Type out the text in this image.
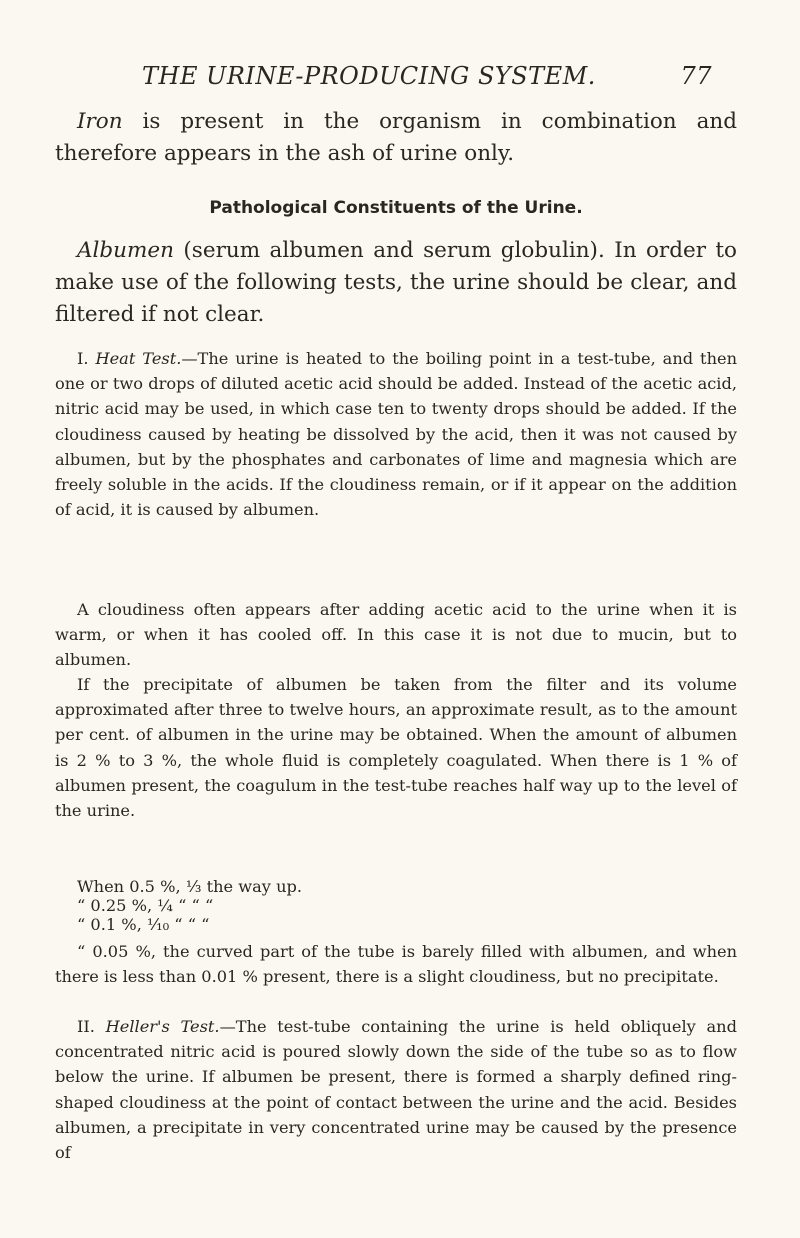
THE URINE-PRODUCING SYSTEM.	77

Iron is present in the organism in combination and therefore appears in the ash of urine only.

Pathological Constituents of the Urine.

Albumen (serum albumen and serum globulin). In order to make use of the following tests, the urine should be clear, and filtered if not clear.

I. Heat Test.—The urine is heated to the boiling point in a test-tube, and then one or two drops of diluted acetic acid should be added. Instead of the acetic acid, nitric acid may be used, in which case ten to twenty drops should be added. If the cloudiness caused by heating be dissolved by the acid, then it was not caused by albumen, but by the phosphates and carbonates of lime and magnesia which are freely soluble in the acids. If the cloudiness remain, or if it appear on the addition of acid, it is caused by albumen.

A cloudiness often appears after adding acetic acid to the urine when it is warm, or when it has cooled off. In this case it is not due to mucin, but to albumen.

If the precipitate of albumen be taken from the filter and its volume approximated after three to twelve hours, an approximate result, as to the amount per cent. of albumen in the urine may be obtained. When the amount of albumen is 2 % to 3 %, the whole fluid is completely coagulated. When there is 1 % of albumen present, the coagulum in the test-tube reaches half way up to the level of the urine.

When 0.5 %, ⅓ the way up.
“ 0.25 %, ¼ “ “ “
“ 0.1 %, ⅒ “ “ “

“ 0.05 %, the curved part of the tube is barely filled with albumen, and when there is less than 0.01 % present, there is a slight cloudiness, but no precipitate.

II. Heller's Test.—The test-tube containing the urine is held obliquely and concentrated nitric acid is poured slowly down the side of the tube so as to flow below the urine. If albumen be present, there is formed a sharply defined ring-shaped cloudiness at the point of contact between the urine and the acid. Besides albumen, a precipitate in very concentrated urine may be caused by the presence of
